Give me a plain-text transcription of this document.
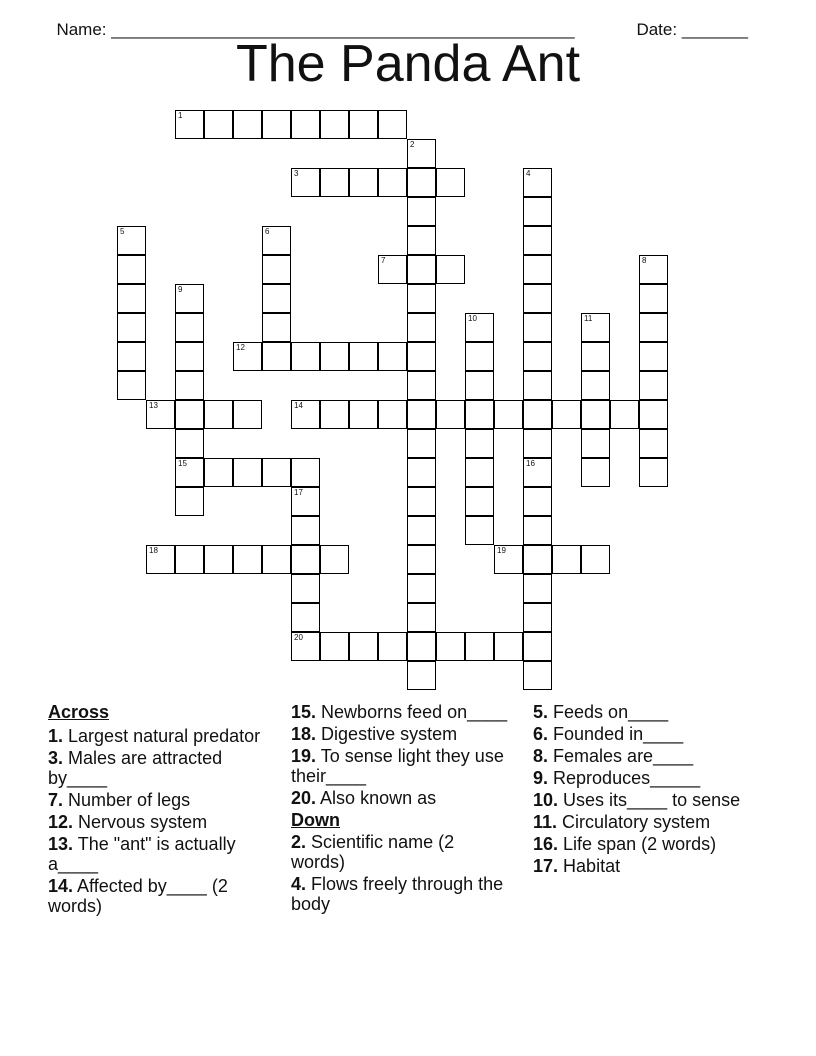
Name: _________________________________________________	Date: _______

The Panda Ant
1
2
3	4
5	6
7	8
9
15
10	11
12
13	14
16
17
20
18	19
Across
1. Largest natural predator
3. Males are attracted by____
7. Number of legs
12. Nervous system
13. The "ant" is actually a____
14. Affected by____ (2 words)
15. Newborns feed on____
18. Digestive system
19. To sense light they use their____
20. Also known as
Down
2. Scientific name (2 words)
4. Flows freely through the body
5. Feeds on____
6. Founded in____
8. Females are____
9. Reproduces_____
10. Uses its____ to sense
11. Circulatory system
16. Life span (2 words)
17. Habitat
